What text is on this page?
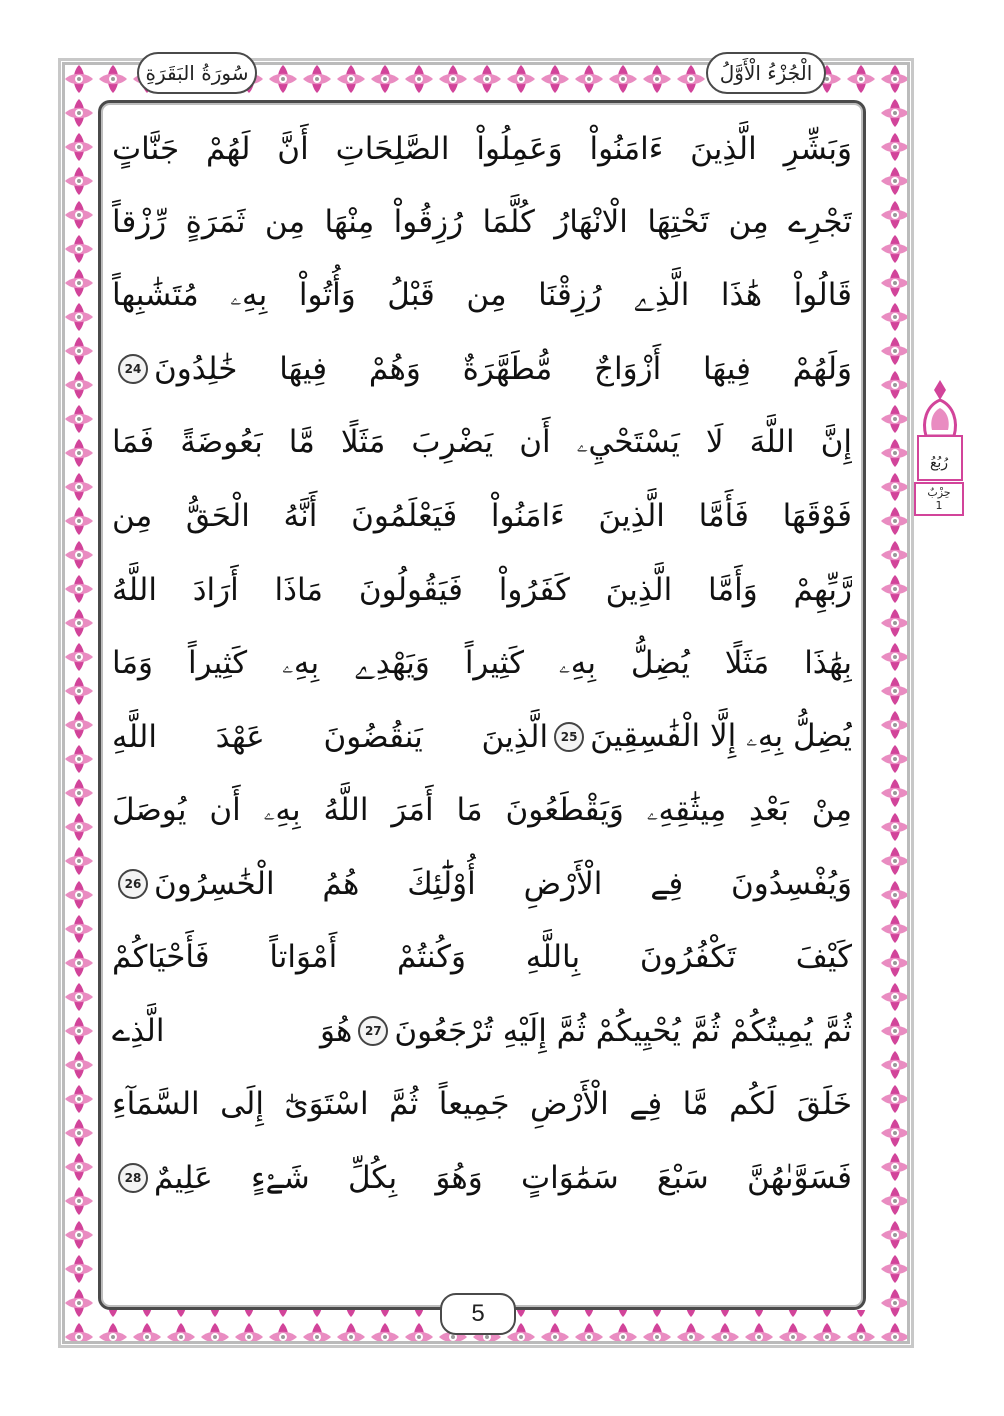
سُورَةُ البَقَرَةِ	الْجُزْءُ الْأَوَّلُ
رُبُعُ
حِزْبٌ
1
وَبَشِّرِ الَّذِينَ ءَامَنُواْ وَعَمِلُواْ الصَّلِحَاتِ أَنَّ لَهُمْ جَنَّاتٍ
تَجْرِے مِن تَحْتِهَا الْانْهَارُ كُلَّمَا رُزِقُواْ مِنْهَا مِن ثَمَرَةٍ رِّزْقاً
قَالُواْ هَٰذَا الَّذِے رُزِقْنَا مِن قَبْلُ وَأُتُواْ بِهِۦ مُتَشَٰبِهاً
وَلَهُمْ فِيهَا أَزْوَاجٌ مُّطَهَّرَةٌ وَهُمْ فِيهَا خَٰلِدُونَ
24
إِنَّ اللَّهَ لَا يَسْتَحْيِۦ أَن يَضْرِبَ مَثَلًا مَّا بَعُوضَةً فَمَا
فَوْقَهَا فَأَمَّا الَّذِينَ ءَامَنُواْ فَيَعْلَمُونَ أَنَّهُ الْحَقُّ مِن
رَّبِّهِمْ وَأَمَّا الَّذِينَ كَفَرُواْ فَيَقُولُونَ مَاذَا أَرَادَ اللَّهُ
بِهَٰذَا مَثَلًا يُضِلُّ بِهِۦ كَثِيراً وَيَهْدِے بِهِۦ كَثِيراً وَمَا
يُضِلُّ بِهِۦ إِلَّا الْفَٰسِقِينَ
25
الَّذِينَ يَنقُضُونَ عَهْدَ اللَّهِ
مِنْ بَعْدِ مِيثَٰقِهِۦ وَيَقْطَعُونَ مَا أَمَرَ اللَّهُ بِهِۦ أَن يُوصَلَ
وَيُفْسِدُونَ فِے الْأَرْضِ أُوْلَٰٓئِكَ هُمُ الْخَٰسِرُونَ
26
كَيْفَ تَكْفُرُونَ بِاللَّهِ وَكُنتُمْ أَمْوَاتاً فَأَحْيَاكُمْ
ثُمَّ يُمِيتُكُمْ ثُمَّ يُحْيِيكُمْ ثُمَّ إِلَيْهِ تُرْجَعُونَ
27
هُوَ الَّذِے
خَلَقَ لَكُم مَّا فِے الْأَرْضِ جَمِيعاً ثُمَّ اسْتَوَىٰٓ إِلَى السَّمَآءِ
فَسَوَّىٰهُنَّ سَبْعَ سَمَٰوَاتٍ وَهُوَ بِكُلِّ شَےْءٍ عَلِيمٌ
28
5
